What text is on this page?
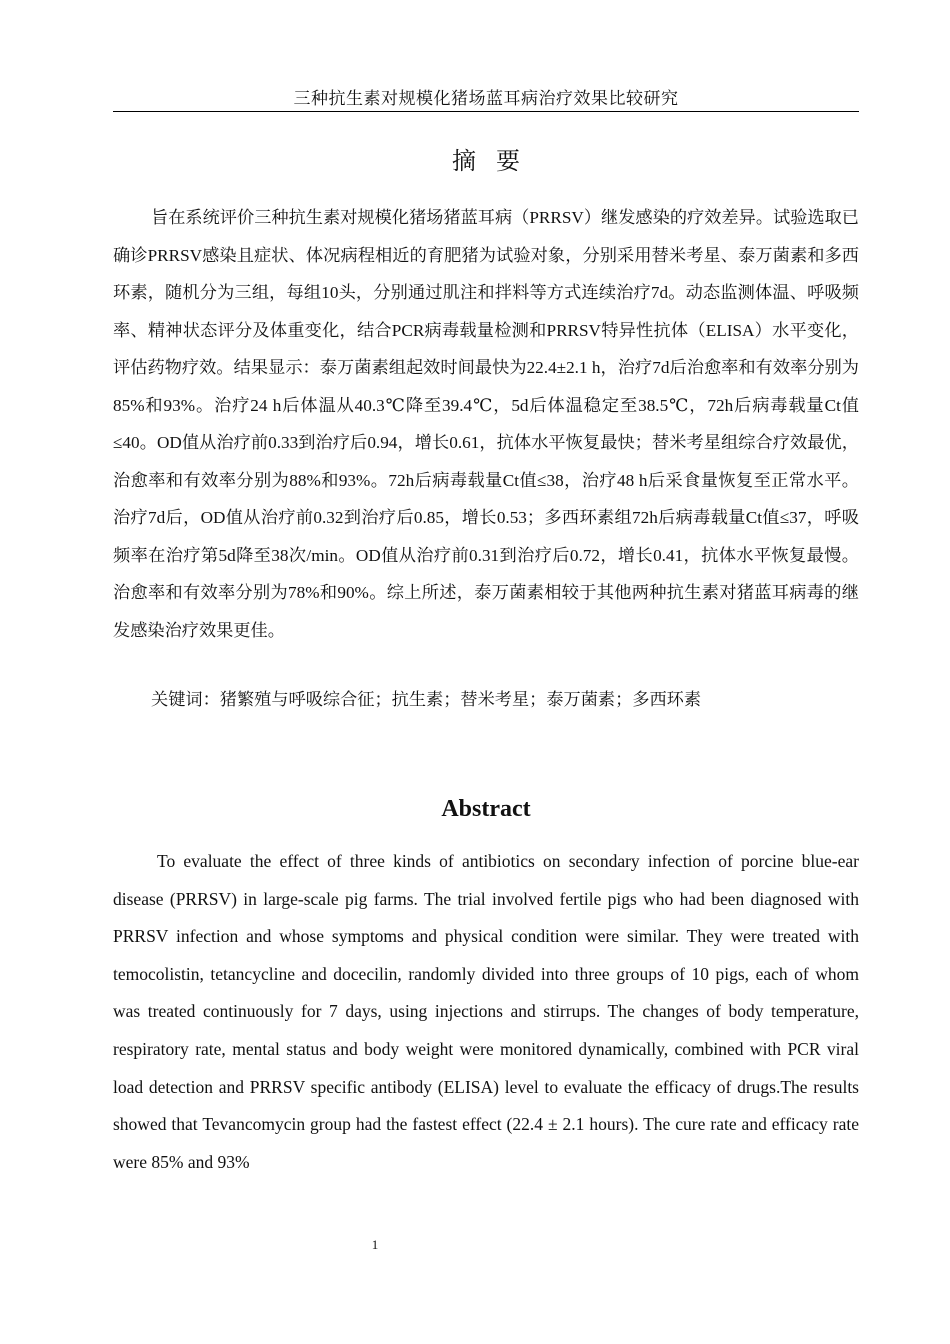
三种抗生素对规模化猪场蓝耳病治疗效果比较研究
摘要

旨在系统评价三种抗生素对规模化猪场猪蓝耳病（PRRSV）继发感染的疗效差异。试验选取已确诊PRRSV感染且症状、体况病程相近的育肥猪为试验对象，分别采用替米考星、泰万菌素和多西环素，随机分为三组，每组10头，分别通过肌注和拌料等方式连续治疗7d。动态监测体温、呼吸频率、精神状态评分及体重变化，结合PCR病毒载量检测和PRRSV特异性抗体（ELISA）水平变化，评估药物疗效。结果显示：泰万菌素组起效时间最快为22.4±2.1 h，治疗7d后治愈率和有效率分别为85%和93%。治疗24 h后体温从40.3℃降至39.4℃，5d后体温稳定至38.5℃，72h后病毒载量Ct值≤40。OD值从治疗前0.33到治疗后0.94，增长0.61，抗体水平恢复最快；替米考星组综合疗效最优，治愈率和有效率分别为88%和93%。72h后病毒载量Ct值≤38，治疗48 h后采食量恢复至正常水平。治疗7d后，OD值从治疗前0.32到治疗后0.85，增长0.53；多西环素组72h后病毒载量Ct值≤37，呼吸频率在治疗第5d降至38次/min。OD值从治疗前0.31到治疗后0.72，增长0.41，抗体水平恢复最慢。治愈率和有效率分别为78%和90%。综上所述，泰万菌素相较于其他两种抗生素对猪蓝耳病毒的继发感染治疗效果更佳。

关键词：猪繁殖与呼吸综合征；抗生素；替米考星；泰万菌素；多西环素

Abstract

To evaluate the effect of three kinds of antibiotics on secondary infection of porcine blue-ear disease (PRRSV) in large-scale pig farms. The trial involved fertile pigs who had been diagnosed with PRRSV infection and whose symptoms and physical condition were similar. They were treated with temocolistin, tetancycline and docecilin, randomly divided into three groups of 10 pigs, each of whom was treated continuously for 7 days, using injections and stirrups. The changes of body temperature, respiratory rate, mental status and body weight were monitored dynamically, combined with PCR viral load detection and PRRSV specific antibody (ELISA) level to evaluate the efficacy of drugs.The results showed that Tevancomycin group had the fastest effect (22.4 ± 2.1 hours). The cure rate and efficacy rate were 85% and 93%

1
